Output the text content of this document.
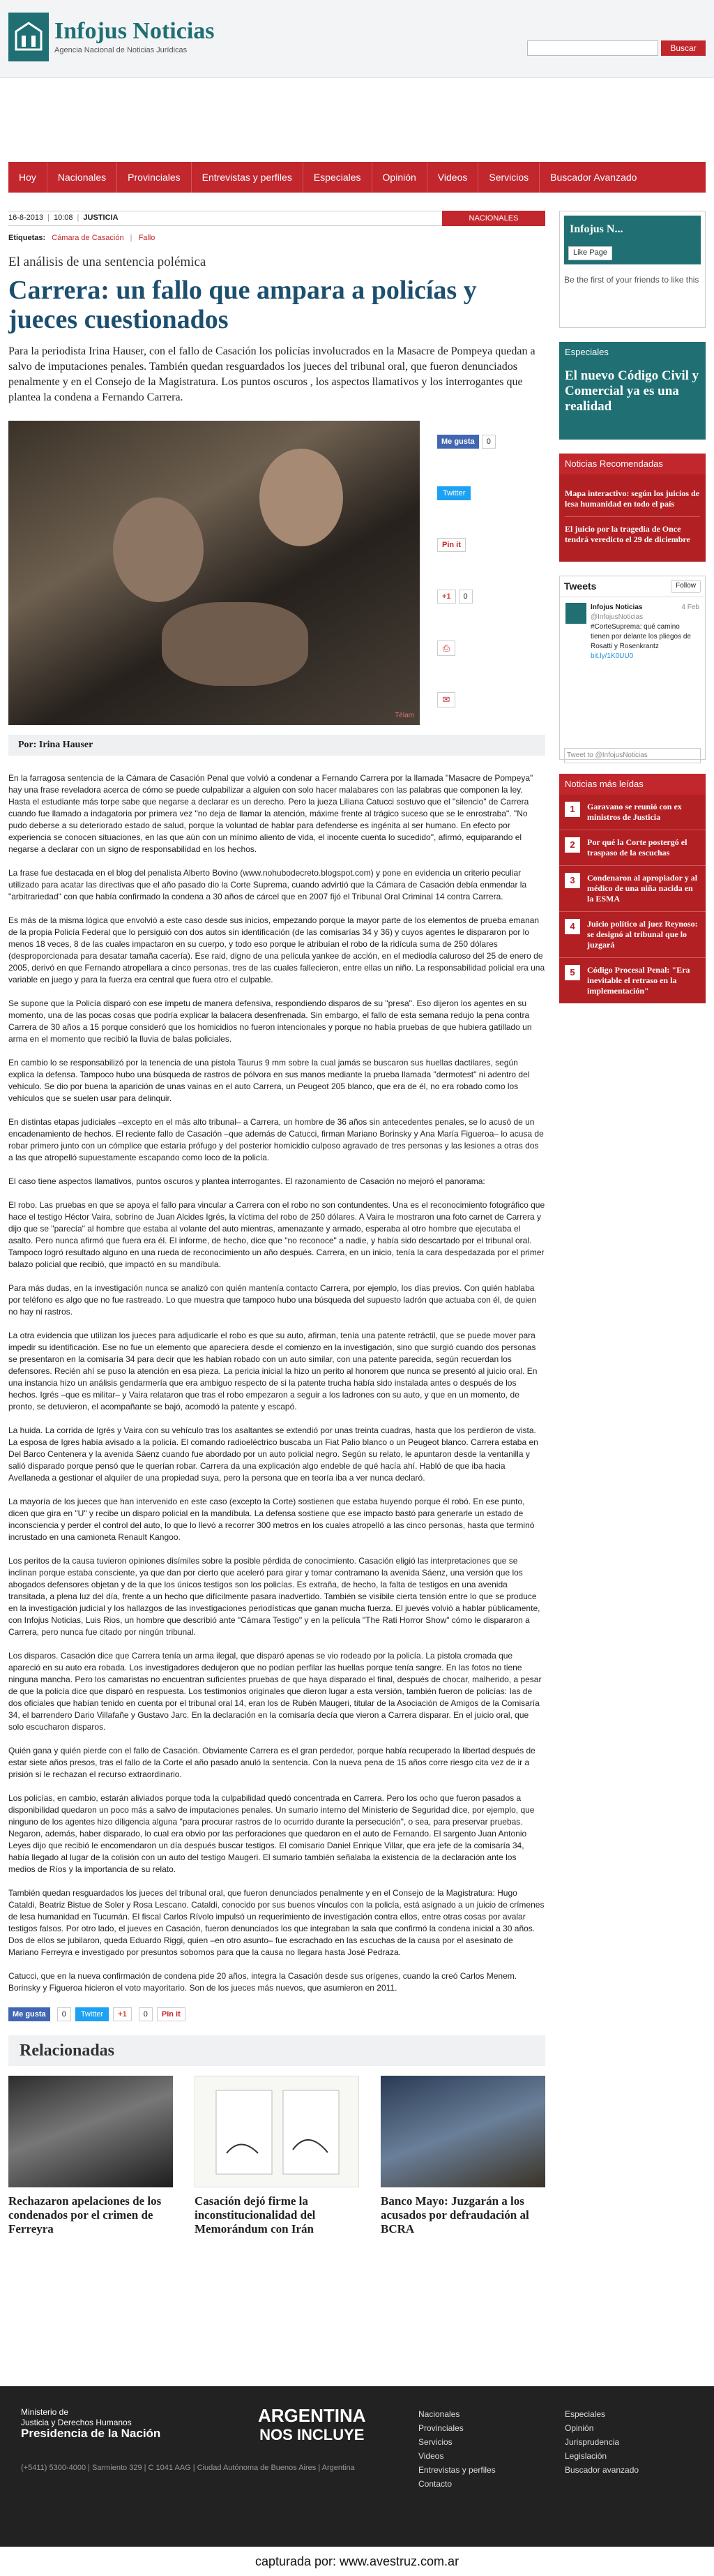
Infojus Noticias
Agencia Nacional de Noticias Jurídicas	Buscar
Hoy	Nacionales	Provinciales	Entrevistas y perfiles	Especiales	Opinión	Videos	Servicios	Buscador Avanzado
16-8-2013 | 10:08 | JUSTICIA	NACIONALES
Etiquetas: Cámara de Casación | Fallo
El análisis de una sentencia polémica
Carrera: un fallo que ampara a policías y jueces cuestionados
Para la periodista Irina Hauser, con el fallo de Casación los policías involucrados en la Masacre de Pompeya quedan a salvo de imputaciones penales. También quedan resguardados los jueces del tribunal oral, que fueron denunciados penalmente y en el Consejo de la Magistratura. Los puntos oscuros , los aspectos llamativos y los interrogantes que plantea la condena a Fernando Carrera.
Télam
Me gusta	0
Twitter
Pin it
+1	0
⎙
✉
Por: Irina Hauser

En la farragosa sentencia de la Cámara de Casación Penal que volvió a condenar a Fernando Carrera por la llamada "Masacre de Pompeya" hay una frase reveladora acerca de cómo se puede culpabilizar a alguien con solo hacer malabares con las palabras que componen la ley. Hasta el estudiante más torpe sabe que negarse a declarar es un derecho. Pero la jueza Liliana Catucci sostuvo que el "silencio" de Carrera cuando fue llamado a indagatoria por primera vez "no deja de llamar la atención, máxime frente al trágico suceso que se le enrostraba". "No pudo deberse a su deteriorado estado de salud, porque la voluntad de hablar para defenderse es ingénita al ser humano. En efecto por experiencia se conocen situaciones, en las que aún con un mínimo aliento de vida, el inocente cuenta lo sucedido", afirmó, equiparando el negarse a declarar con un signo de responsabilidad en los hechos.

La frase fue destacada en el blog del penalista Alberto Bovino (www.nohubodecreto.blogspot.com) y pone en evidencia un criterio peculiar utilizado para acatar las directivas que el año pasado dio la Corte Suprema, cuando advirtió que la Cámara de Casación debía enmendar la "arbitrariedad" con que había confirmado la condena a 30 años de cárcel que en 2007 fijó el Tribunal Oral Criminal 14 contra Carrera.

Es más de la misma lógica que envolvió a este caso desde sus inicios, empezando porque la mayor parte de los elementos de prueba emanan de la propia Policía Federal que lo persiguió con dos autos sin identificación (de las comisarías 34 y 36) y cuyos agentes le dispararon por lo menos 18 veces, 8 de las cuales impactaron en su cuerpo, y todo eso porque le atribuían el robo de la ridícula suma de 250 dólares (desproporcionada para desatar tamaña cacería). Ese raid, digno de una película yankee de acción, en el mediodía caluroso del 25 de enero de 2005, derivó en que Fernando atropellara a cinco personas, tres de las cuales fallecieron, entre ellas un niño. La responsabilidad policial era una variable en juego y para la fuerza era central que fuera otro el culpable.

Se supone que la Policía disparó con ese ímpetu de manera defensiva, respondiendo disparos de su "presa". Eso dijeron los agentes en su momento, una de las pocas cosas que podría explicar la balacera desenfrenada. Sin embargo, el fallo de esta semana redujo la pena contra Carrera de 30 años a 15 porque consideró que los homicidios no fueron intencionales y porque no había pruebas de que hubiera gatillado un arma en el momento que recibió la lluvia de balas policiales.

En cambio lo se responsabilizó por la tenencia de una pistola Taurus 9 mm sobre la cual jamás se buscaron sus huellas dactilares, según explica la defensa. Tampoco hubo una búsqueda de rastros de pólvora en sus manos mediante la prueba llamada "dermotest" ni adentro del vehículo. Se dio por buena la aparición de unas vainas en el auto Carrera, un Peugeot 205 blanco, que era de él, no era robado como los vehículos que se suelen usar para delinquir.

En distintas etapas judiciales –excepto en el más alto tribunal– a Carrera, un hombre de 36 años sin antecedentes penales, se lo acusó de un encadenamiento de hechos. El reciente fallo de Casación –que además de Catucci, firman Mariano Borinsky y Ana María Figueroa– lo acusa de robar primero junto con un cómplice que estaría prófugo y del posterior homicidio culposo agravado de tres personas y las lesiones a otras dos a las que atropelló supuestamente escapando como loco de la policía.

El caso tiene aspectos llamativos, puntos oscuros y plantea interrogantes. El razonamiento de Casación no mejoró el panorama:

El robo. Las pruebas en que se apoya el fallo para vincular a Carrera con el robo no son contundentes. Una es el reconocimiento fotográfico que hace el testigo Héctor Vaira, sobrino de Juan Alcides Igrés, la víctima del robo de 250 dólares. A Vaira le mostraron una foto carnet de Carrera y dijo que se "parecía" al hombre que estaba al volante del auto mientras, amenazante y armado, esperaba al otro hombre que ejecutaba el asalto. Pero nunca afirmó que fuera era él. El informe, de hecho, dice que "no reconoce" a nadie, y había sido descartado por el tribunal oral. Tampoco logró resultado alguno en una rueda de reconocimiento un año después. Carrera, en un inicio, tenía la cara despedazada por el primer balazo policial que recibió, que impactó en su mandíbula.

Para más dudas, en la investigación nunca se analizó con quién mantenía contacto Carrera, por ejemplo, los días previos. Con quién hablaba por teléfono es algo que no fue rastreado. Lo que muestra que tampoco hubo una búsqueda del supuesto ladrón que actuaba con él, de quien no hay ni rastros.

La otra evidencia que utilizan los jueces para adjudicarle el robo es que su auto, afirman, tenía una patente retráctil, que se puede mover para impedir su identificación. Ese no fue un elemento que apareciera desde el comienzo en la investigación, sino que surgió cuando dos personas se presentaron en la comisaría 34 para decir que les habían robado con un auto similar, con una patente parecida, según recuerdan los defensores. Recién ahí se puso la atención en esa pieza. La pericia inicial la hizo un perito al honorem que nunca se presentó al juicio oral. En una instancia hizo un análisis gendarmería que era ambiguo respecto de si la patente trucha había sido instalada antes o después de los hechos. Igrés –que es militar– y Vaira relataron que tras el robo empezaron a seguir a los ladrones con su auto, y que en un momento, de pronto, se detuvieron, el acompañante se bajó, acomodó la patente y escapó.

La huida. La corrida de Igrés y Vaira con su vehículo tras los asaltantes se extendió por unas treinta cuadras, hasta que los perdieron de vista. La esposa de Igres había avisado a la policía. El comando radioeléctrico buscaba un Fiat Palio blanco o un Peugeot blanco. Carrera estaba en Del Barco Centenera y la avenida Sáenz cuando fue abordado por un auto policial negro. Según su relato, le apuntaron desde la ventanilla y salió disparado porque pensó que le querían robar. Carrera da una explicación algo endeble de qué hacía ahí. Habló de que iba hacia Avellaneda a gestionar el alquiler de una propiedad suya, pero la persona que en teoría iba a ver nunca declaró.

La mayoría de los jueces que han intervenido en este caso (excepto la Corte) sostienen que estaba huyendo porque él robó. En ese punto, dicen que gira en "U" y recibe un disparo policial en la mandíbula. La defensa sostiene que ese impacto bastó para generarle un estado de inconsciencia y perder el control del auto, lo que lo llevó a recorrer 300 metros en los cuales atropelló a las cinco personas, hasta que terminó incrustado en una camioneta Renault Kangoo.

Los peritos de la causa tuvieron opiniones disímiles sobre la posible pérdida de conocimiento. Casación eligió las interpretaciones que se inclinan porque estaba consciente, ya que dan por cierto que aceleró para girar y tomar contramano la avenida Sáenz, una versión que los abogados defensores objetan y de la que los únicos testigos son los policías. Es extraña, de hecho, la falta de testigos en una avenida transitada, a plena luz del día, frente a un hecho que difícilmente pasara inadvertido. También se visibile cierta tensión entre lo que se produce en la investigación judicial y los hallazgos de las investigaciones periodísticas que ganan mucha fuerza. El juevés volvió a hablar públicamente, con Infojus Noticias, Luis Rios, un hombre que describió ante "Cámara Testigo" y en la película "The Rati Horror Show" cómo le dispararon a Carrera, pero nunca fue citado por ningún tribunal.

Los disparos. Casación dice que Carrera tenía un arma ilegal, que disparó apenas se vio rodeado por la policía. La pistola cromada que apareció en su auto era robada. Los investigadores dedujeron que no podían perfilar las huellas porque tenía sangre. En las fotos no tiene ninguna mancha. Pero los camaristas no encuentran suficientes pruebas de que haya disparado el final, después de chocar, malherido, a pesar de que la policía dice que disparó en respuesta. Los testimonios originales que dieron lugar a esta versión, también fueron de policías: Ias de dos oficiales que habían tenido en cuenta por el tribunal oral 14, eran los de Rubén Maugeri, titular de la Asociación de Amigos de la Comisaría 34, el barrendero Dario Villafañe y Gustavo Jarc. En la declaración en la comisaría decía que vieron a Carrera disparar. En el juicio oral, que solo escucharon disparos.

Quién gana y quién pierde con el fallo de Casación. Obviamente Carrera es el gran perdedor, porque había recuperado la libertad después de estar siete años presos, tras el fallo de la Corte el año pasado anuló la sentencia. Con la nueva pena de 15 años corre riesgo cita vez de ir a prisión si le rechazan el recurso extraordinario.

Los policías, en cambio, estarán aliviados porque toda la culpabilidad quedó concentrada en Carrera. Pero los ocho que fueron pasados a disponibilidad quedaron un poco más a salvo de imputaciones penales. Un sumario interno del Ministerio de Seguridad dice, por ejemplo, que ninguno de los agentes hizo diligencia alguna "para procurar rastros de lo ocurrido durante la persecución", o sea, para preservar pruebas. Negaron, además, haber disparado, lo cual era obvio por las perforaciones que quedaron en el auto de Fernando. El sargento Juan Antonio Leyes dijo que recibió le encomendaron un día después buscar testigos. El comisario Daniel Enrique Villar, que era jefe de la comisaría 34, había llegado al lugar de la colisión con un auto del testigo Maugeri. El sumario también señalaba la existencia de la declaración ante los medios de Ríos y la importancia de su relato.

También quedan resguardados los jueces del tribunal oral, que fueron denunciados penalmente y en el Consejo de la Magistratura: Hugo Cataldi, Beatriz Bistue de Soler y Rosa Lescano. Cataldi, conocido por sus buenos vínculos con la policía, está asignado a un juicio de crímenes de lesa humanidad en Tucumán. El fiscal Carlos Rívolo impulsó un requerimiento de investigación contra ellos, entre otras cosas por avalar testigos falsos. Por otro lado, el jueves en Casación, fueron denunciados los que integraban la sala que confirmó la condena inicial a 30 años. Dos de ellos se jubilaron, queda Eduardo Riggi, quien –en otro asunto– fue escrachado en las escuchas de la causa por el asesinato de Mariano Ferreyra e investigado por presuntos sobornos para que la causa no llegara hasta José Pedraza.

Catucci, que en la nueva confirmación de condena pide 20 años, integra la Casación desde sus orígenes, cuando la creó Carlos Menem. Borinsky y Figueroa hicieron el voto mayoritario. Son de los jueces más nuevos, que asumieron en 2011.

Me gusta	0	Twitter	+1	0	Pin it
Relacionadas
Rechazaron apelaciones de los condenados por el crimen de Ferreyra
Casación dejó firme la inconstitucionalidad del Memorándum con Irán
Banco Mayo: Juzgarán a los acusados por defraudación al BCRA
Infojus N...
Like Page
Be the first of your friends to like this
Especiales
El nuevo Código Civil y Comercial ya es una realidad
Noticias Recomendadas
Mapa interactivo: según los juicios de lesa humanidad en todo el país
El juicio por la tragedia de Once tendrá veredicto el 29 de diciembre
Tweets	Follow
Infojus Noticias	4 Feb

@InfojusNoticias
#CorteSuprema: qué camino tienen por delante los pliegos de Rosatti y Rosenkrantz bit.ly/1K0UU0
Tweet to @InfojusNoticias
Noticias más leídas
1	Garavano se reunió con ex ministros de Justicia
2	Por qué la Corte postergó el traspaso de la escuchas
3	Condenaron al apropiador y al médico de una niña nacida en la ESMA
4	Juicio político al juez Reynoso: se designó al tribunal que lo juzgará
5	Código Procesal Penal: "Era inevitable el retraso en la implementación"
Ministerio de
Justicia y Derechos Humanos
Presidencia de la Nación
ARGENTINA
NOS INCLUYE
Nacionales
Provinciales
Servicios
Videos
Entrevistas y perfiles
Contacto
Especiales
Opinión
Jurisprudencia
Legislación
Buscador avanzado
(+5411) 5300-4000 | Sarmiento 329 | C 1041 AAG | Ciudad Autónoma de Buenos Aires | Argentina
capturada por: www.avestruz.com.ar
